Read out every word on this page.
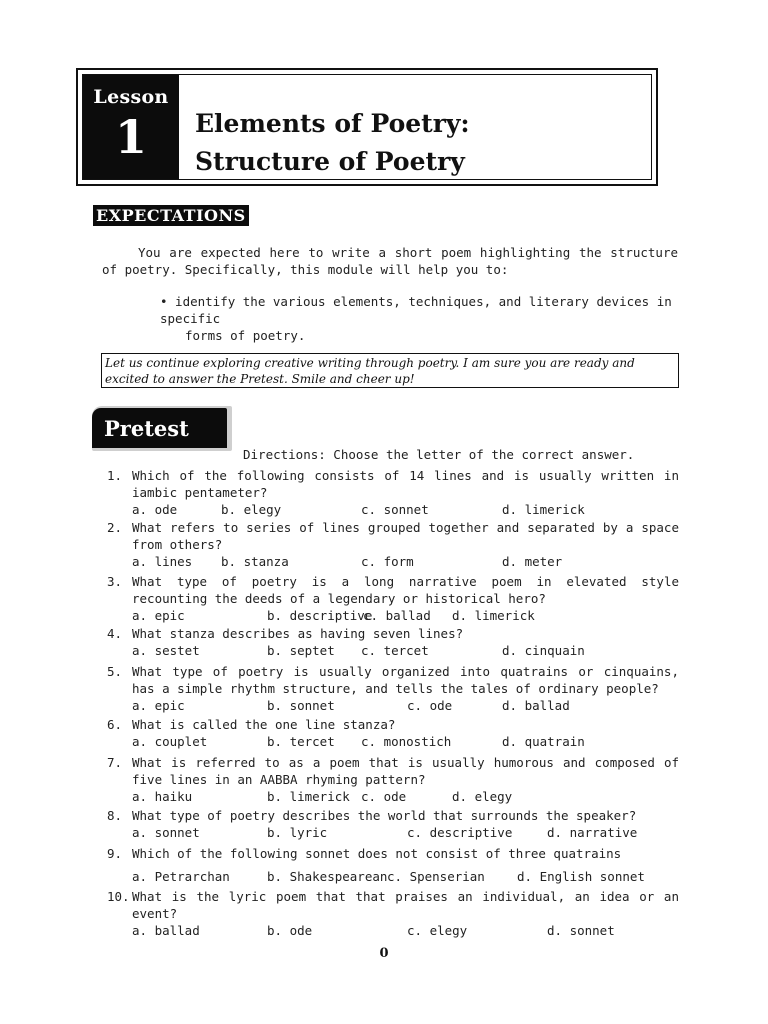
Lesson
1	Elements of Poetry:
Structure of Poetry
EXPECTATIONS
You are expected here to write a short poem highlighting the structure of poetry. Specifically, this module will help you to:
• identify the various elements, techniques, and literary devices in specific
forms of poetry.
Let us continue exploring creative writing through poetry. I am sure you are ready and excited to answer the Pretest. Smile and cheer up!
Pretest
Directions: Choose the letter of the correct answer.
1. Which of the following consists of 14 lines and is usually written in iambic pentameter?
a. ode	b. elegy	c. sonnet	d. limerick
2. What refers to series of lines grouped together and separated by a space from others?
a. lines b. stanza	c. form	d. meter
3. What type of poetry is a long narrative poem in elevated style recounting the deeds of a legendary or historical hero?
a. epic	b. descriptive
c. ballad d. limerick
4. What stanza describes as having seven lines?
a. sestet	b. septet c. tercet	d. cinquain
5. What type of poetry is usually organized into quatrains or cinquains, has a simple rhythm structure, and tells the tales of ordinary people?
a. epic	b. sonnet	c. ode	d. ballad
6. What is called the one line stanza?
a. couplet	b. tercet c. monostich	d. quatrain
7. What is referred to as a poem that is usually humorous and composed of five lines in an AABBA rhyming pattern?
a. haiku	b. limerick c. ode	d. elegy
8. What type of poetry describes the world that surrounds the speaker?
a. sonnet	b. lyric	c. descriptive	d. narrative
9. Which of the following sonnet does not consist of three quatrains
a. Petrarchan	b. Shakespearean c. Spenserian	d. English sonnet
10. What is the lyric poem that that praises an individual, an idea or an event?
a. ballad	b. ode	c. elegy	d. sonnet
0
